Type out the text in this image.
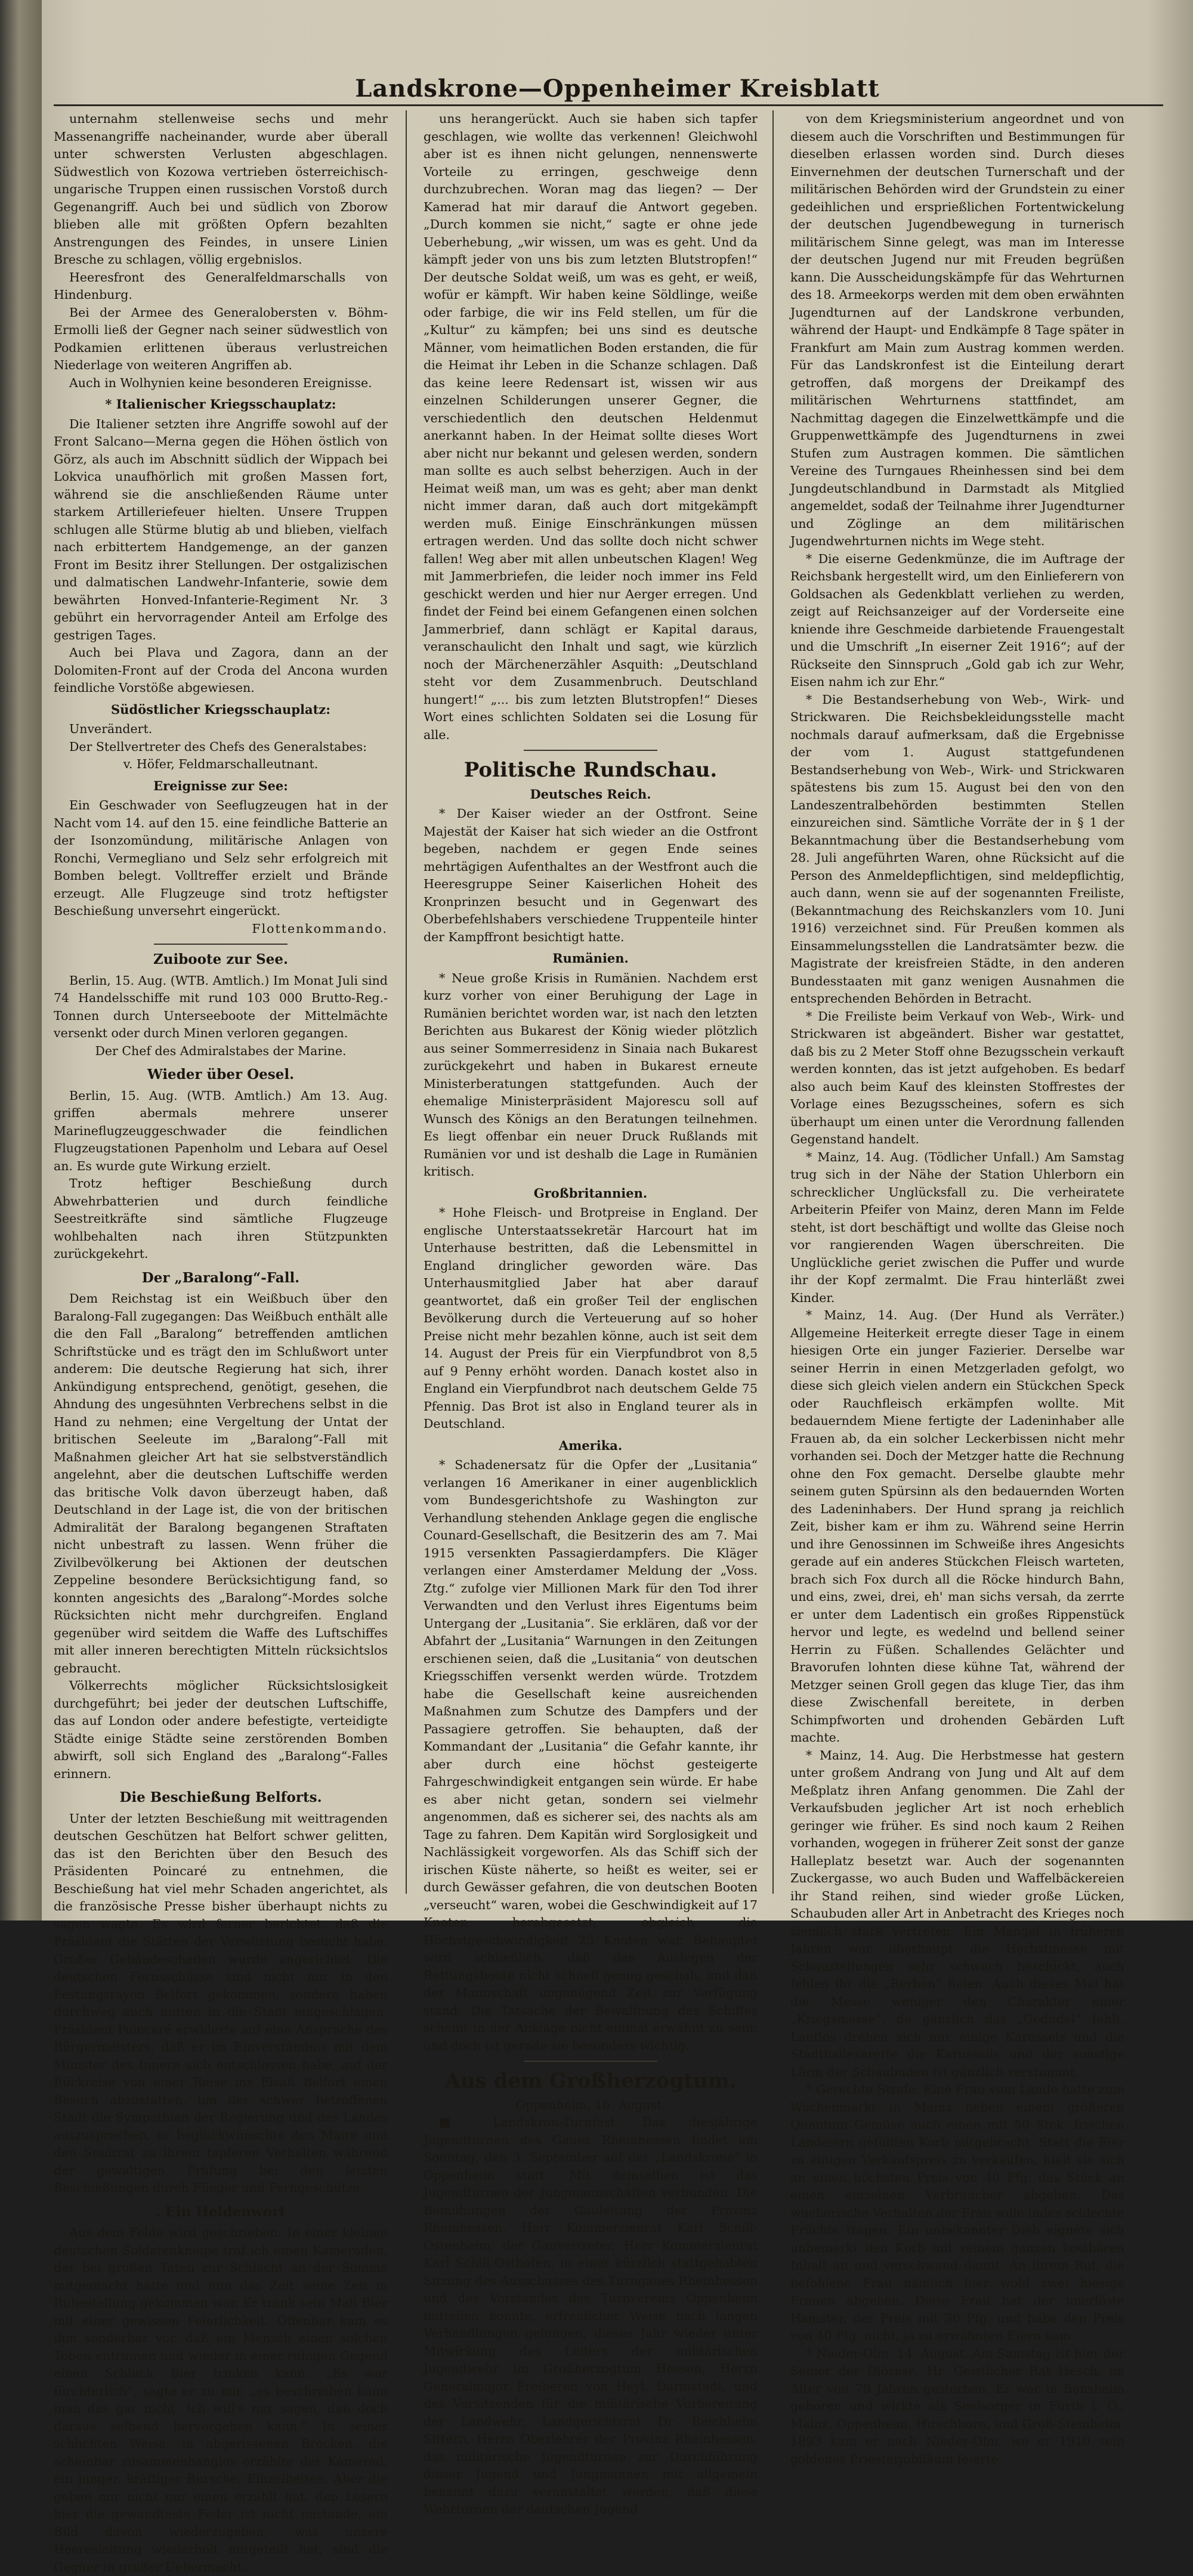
Landskrone—Oppenheimer Kreisblatt

unternahm stellenweise sechs und mehr Massenangriffe nacheinander, wurde aber überall unter schwersten Verlusten abgeschlagen. Südwestlich von Kozowa vertrieben österreichisch-ungarische Truppen einen russischen Vorstoß durch Gegenangriff. Auch bei und südlich von Zborow blieben alle mit größten Opfern bezahlten Anstrengungen des Feindes, in unsere Linien Bresche zu schlagen, völlig ergebnislos.

Heeresfront des Generalfeldmarschalls von Hindenburg.

Bei der Armee des Generalobersten v. Böhm-Ermolli ließ der Gegner nach seiner südwestlich von Podkamien erlittenen überaus verlustreichen Niederlage von weiteren Angriffen ab.

Auch in Wolhynien keine besonderen Ereignisse.

* Italienischer Kriegsschauplatz:

Die Italiener setzten ihre Angriffe sowohl auf der Front Salcano—Merna gegen die Höhen östlich von Görz, als auch im Abschnitt südlich der Wippach bei Lokvica unaufhörlich mit großen Massen fort, während sie die anschließenden Räume unter starkem Artilleriefeuer hielten. Unsere Truppen schlugen alle Stürme blutig ab und blieben, vielfach nach erbittertem Handgemenge, an der ganzen Front im Besitz ihrer Stellungen. Der ostgalizischen und dalmatischen Landwehr-Infanterie, sowie dem bewährten Honved-Infanterie-Regiment Nr. 3 gebührt ein hervorragender Anteil am Erfolge des gestrigen Tages.

Auch bei Plava und Zagora, dann an der Dolomiten-Front auf der Croda del Ancona wurden feindliche Vorstöße abgewiesen.

Südöstlicher Kriegsschauplatz:

Unverändert.

Der Stellvertreter des Chefs des Generalstabes:

v. Höfer, Feldmarschalleutnant.

Ereignisse zur See:

Ein Geschwader von Seeflugzeugen hat in der Nacht vom 14. auf den 15. eine feindliche Batterie an der Isonzomündung, militärische Anlagen von Ronchi, Vermegliano und Selz sehr erfolgreich mit Bomben belegt. Volltreffer erzielt und Brände erzeugt. Alle Flugzeuge sind trotz heftigster Beschießung unversehrt eingerückt.

Flottenkommando.

Zuiboote zur See.

Berlin, 15. Aug. (WTB. Amtlich.) Im Monat Juli sind 74 Handelsschiffe mit rund 103 000 Brutto-Reg.-Tonnen durch Unterseeboote der Mittelmächte versenkt oder durch Minen verloren gegangen.

Der Chef des Admiralstabes der Marine.

Wieder über Oesel.

Berlin, 15. Aug. (WTB. Amtlich.) Am 13. Aug. griffen abermals mehrere unserer Marineflugzeuggeschwader die feindlichen Flugzeugstationen Papenholm und Lebara auf Oesel an. Es wurde gute Wirkung erzielt.

Trotz heftiger Beschießung durch Abwehrbatterien und durch feindliche Seestreitkräfte sind sämtliche Flugzeuge wohlbehalten nach ihren Stützpunkten zurückgekehrt.

Der „Baralong“-Fall.

Dem Reichstag ist ein Weißbuch über den Baralong-Fall zugegangen: Das Weißbuch enthält alle die den Fall „Baralong“ betreffenden amtlichen Schriftstücke und es trägt den im Schlußwort unter anderem: Die deutsche Regierung hat sich, ihrer Ankündigung entsprechend, genötigt, gesehen, die Ahndung des ungesühnten Verbrechens selbst in die Hand zu nehmen; eine Vergeltung der Untat der britischen Seeleute im „Baralong“-Fall mit Maßnahmen gleicher Art hat sie selbstverständlich angelehnt, aber die deutschen Luftschiffe werden das britische Volk davon überzeugt haben, daß Deutschland in der Lage ist, die von der britischen Admiralität der Baralong begangenen Straftaten nicht unbestraft zu lassen. Wenn früher die Zivilbevölkerung bei Aktionen der deutschen Zeppeline besondere Berücksichtigung fand, so konnten angesichts des „Baralong“-Mordes solche Rücksichten nicht mehr durchgreifen. England gegenüber wird seitdem die Waffe des Luftschiffes mit aller inneren berechtigten Mitteln rücksichtslos gebraucht.

Völkerrechts möglicher Rücksichtslosigkeit durchgeführt; bei jeder der deutschen Luftschiffe, das auf London oder andere befestigte, verteidigte Städte einige Städte seine zerstörenden Bomben abwirft, soll sich England des „Baralong“-Falles erinnern.

Die Beschießung Belforts.

Unter der letzten Beschießung mit weittragenden deutschen Geschützen hat Belfort schwer gelitten, das ist den Berichten über den Besuch des Präsidenten Poincaré zu entnehmen, die Beschießung hat viel mehr Schaden angerichtet, als die französische Presse bisher überhaupt nichts zu sagen wagte. Es wird ferner berichtet, daß die Präsident die Stätten der Verwüstung besucht habe. Großer Gebäudeschaden wurde angerichtet. Die deutschen Fernsschüsse sind nicht nur in den Festungsrayon Belfort gekommen, sondern haben durchweg auch mitten in die Stadt eingeschlagen. Präsident Poincaré erwiderte auf eine Ansprache des Bürgermeisters, daß er im Einverständnis mit dem Minister des Innern sich entschlossen habe, auf der Rückreise von einer Reise ins Elsaß Belfort einen Besuch abzustatten, um der schwer betroffenen Stadt die Sympathien der Regierung und des Landes auszusprechen, er beglückwünschte den Maire und den Stadtrat zu ihrem tapferen Verhalten während der gewaltigen Prüfung bei den letzten Beschießungen durch Flieger und Ferngeschütze.

. Ein Heldenwort

Aus dem Felde wird geschrieben: In einer kleinen deutschen Soldatenkneipe traf ich einen Kameraden, der bei großen Taten zur Schlacht an der Somme mitgemacht hatte und nun das Zeit seine Zeit in Ruhestellung gekommen war. Er trank sein Maß Bier mit einer gewissen Feierlichkeit. Offenbar kam es ihm sonderbar vor, daß ein Mensch einen solchen Toben entrinnen und wieder in einer ruhigen Gegend einen Schluck Bier trinken kann. „Es war fürchterlich“, sagte er zu mir, „es beschreiben kann man das gar nicht. Ich will's nur sagen, daß doch daraus selbend hervorgehen kann.“ In seiner schlichten Weise, in abgerissenen Brocken, die scheinbar zusammenhanglos erzählte der Kamerad, ein junger, kräftiger Bursche, Einzelheiten. Aber die geben mir nicht nur einen erzählt hat, den Lesern hier die gewandteste Feder ist nicht imstande, ein Bild davon wiederzugeben, was unsere Heeresleitung wiederholt mitgeteilt hat, sind die Gegner in großer Uebermacht.

uns herangerückt. Auch sie haben sich tapfer geschlagen, wie wollte das verkennen! Gleichwohl aber ist es ihnen nicht gelungen, nennenswerte Vorteile zu erringen, geschweige denn durchzubrechen. Woran mag das liegen? — Der Kamerad hat mir darauf die Antwort gegeben. „Durch kommen sie nicht,“ sagte er ohne jede Ueberhebung, „wir wissen, um was es geht. Und da kämpft jeder von uns bis zum letzten Blutstropfen!“ Der deutsche Soldat weiß, um was es geht, er weiß, wofür er kämpft. Wir haben keine Söldlinge, weiße oder farbige, die wir ins Feld stellen, um für die „Kultur“ zu kämpfen; bei uns sind es deutsche Männer, vom heimatlichen Boden erstanden, die für die Heimat ihr Leben in die Schanze schlagen. Daß das keine leere Redensart ist, wissen wir aus einzelnen Schilderungen unserer Gegner, die verschiedentlich den deutschen Heldenmut anerkannt haben. In der Heimat sollte dieses Wort aber nicht nur bekannt und gelesen werden, sondern man sollte es auch selbst beherzigen. Auch in der Heimat weiß man, um was es geht; aber man denkt nicht immer daran, daß auch dort mitgekämpft werden muß. Einige Einschränkungen müssen ertragen werden. Und das sollte doch nicht schwer fallen! Weg aber mit allen unbeutschen Klagen! Weg mit Jammerbriefen, die leider noch immer ins Feld geschickt werden und hier nur Aerger erregen. Und findet der Feind bei einem Gefangenen einen solchen Jammerbrief, dann schlägt er Kapital daraus, veranschaulicht den Inhalt und sagt, wie kürzlich noch der Märchenerzähler Asquith: „Deutschland steht vor dem Zusammenbruch. Deutschland hungert!“ „... bis zum letzten Blutstropfen!“ Dieses Wort eines schlichten Soldaten sei die Losung für alle.

Politische Rundschau.
Deutsches Reich.

* Der Kaiser wieder an der Ostfront. Seine Majestät der Kaiser hat sich wieder an die Ostfront begeben, nachdem er gegen Ende seines mehrtägigen Aufenthaltes an der Westfront auch die Heeresgruppe Seiner Kaiserlichen Hoheit des Kronprinzen besucht und in Gegenwart des Oberbefehlshabers verschiedene Truppenteile hinter der Kampffront besichtigt hatte.

Rumänien.

* Neue große Krisis in Rumänien. Nachdem erst kurz vorher von einer Beruhigung der Lage in Rumänien berichtet worden war, ist nach den letzten Berichten aus Bukarest der König wieder plötzlich aus seiner Sommerresidenz in Sinaia nach Bukarest zurückgekehrt und haben in Bukarest erneute Ministerberatungen stattgefunden. Auch der ehemalige Ministerpräsident Majorescu soll auf Wunsch des Königs an den Beratungen teilnehmen. Es liegt offenbar ein neuer Druck Rußlands mit Rumänien vor und ist deshalb die Lage in Rumänien kritisch.

Großbritannien.

* Hohe Fleisch- und Brotpreise in England. Der englische Unterstaatssekretär Harcourt hat im Unterhause bestritten, daß die Lebensmittel in England dringlicher geworden wäre. Das Unterhausmitglied Jaber hat aber darauf geantwortet, daß ein großer Teil der englischen Bevölkerung durch die Verteuerung auf so hoher Preise nicht mehr bezahlen könne, auch ist seit dem 14. August der Preis für ein Vierpfundbrot von 8,5 auf 9 Penny erhöht worden. Danach kostet also in England ein Vierpfundbrot nach deutschem Gelde 75 Pfennig. Das Brot ist also in England teurer als in Deutschland.

Amerika.

* Schadenersatz für die Opfer der „Lusitania“ verlangen 16 Amerikaner in einer augenblicklich vom Bundesgerichtshofe zu Washington zur Verhandlung stehenden Anklage gegen die englische Counard-Gesellschaft, die Besitzerin des am 7. Mai 1915 versenkten Passagierdampfers. Die Kläger verlangen einer Amsterdamer Meldung der „Voss. Ztg.“ zufolge vier Millionen Mark für den Tod ihrer Verwandten und den Verlust ihres Eigentums beim Untergang der „Lusitania“. Sie erklären, daß vor der Abfahrt der „Lusitania“ Warnungen in den Zeitungen erschienen seien, daß die „Lusitania“ von deutschen Kriegsschiffen versenkt werden würde. Trotzdem habe die Gesellschaft keine ausreichenden Maßnahmen zum Schutze des Dampfers und der Passagiere getroffen. Sie behaupten, daß der Kommandant der „Lusitania“ die Gefahr kannte, ihr aber durch eine höchst gesteigerte Fahrgeschwindigkeit entgangen sein würde. Er habe es aber nicht getan, sondern sei vielmehr angenommen, daß es sicherer sei, des nachts als am Tage zu fahren. Dem Kapitän wird Sorglosigkeit und Nachlässigkeit vorgeworfen. Als das Schiff sich der irischen Küste näherte, so heißt es weiter, sei er durch Gewässer gefahren, die von deutschen Booten „verseucht“ waren, wobei die Geschwindigkeit auf 17 Knoten herabgesetzt, obgleich die Höchstgeschwindigkeit 25 Knoten war. Behauptet wird schließlich, daß das Auslegen der Rettungsboote nicht schnell genug geschah, und daß der Mannschaft ungenügend Zeit zur Verfügung stand. Die Tatsache der Bewaffnung des Schiffes scheint in der Anklage nicht einmal erwähnt zu sein; und doch ist gerade sie besonders wichtig.

Aus dem Großherzogtum.

Oppenheim, 16. August.

■ Landskron-Turnfest. Das diesjährige Jugendturnen des Gaues Rheinhessen findet am Sonntag, den 3. September auf der „Landskrone“ in Oppenheim statt. Mit demselben ist das Jugendturnen der Jungmannschaften verbunden. Die Bemühungen der Gauleitung der Provinz Rheinhessen. Herr Kommerzienrat Karl Schill-Ostenheim, der Gauvertreter, Herr Kommerzienrat Karl Schill-Osthofen, in einer kürzlich stattgehabten Sitzung des Ausschusses des Turngaues Rheinhessen und des Vorstandes des Turnvereins Oppenheim mitteilen konnte, erfreulicher Weise nach langen Verhandlungen gelungen, dieses Jahr wieder unter Mitwirkung des Leiters der militärischen Jugendwehr im Großherzogtum Hessen, Herrn Generalmajor Freiheren von Heyl, Darmstadt, und des Vorsitzenden für die militärische Vorbereitung der Landwehr, Landgerichtsrat Dr. Reichhelm Sittern, Herrn Oberlehrer der Provinz Rheinhessen, das militärische Jugendturnen zur Durchführung dieser Jugend und Jungmannen mit allgemein bekannt dazu veranstaltet werden, daß diese Wehrturnen der deutschen Jugend

von dem Kriegsministerium angeordnet und von diesem auch die Vorschriften und Bestimmungen für dieselben erlassen worden sind. Durch dieses Einvernehmen der deutschen Turnerschaft und der militärischen Behörden wird der Grundstein zu einer gedeihlichen und ersprießlichen Fortentwickelung der deutschen Jugendbewegung in turnerisch militärischem Sinne gelegt, was man im Interesse der deutschen Jugend nur mit Freuden begrüßen kann. Die Ausscheidungskämpfe für das Wehrturnen des 18. Armeekorps werden mit dem oben erwähnten Jugendturnen auf der Landskrone verbunden, während der Haupt- und Endkämpfe 8 Tage später in Frankfurt am Main zum Austrag kommen werden. Für das Landskronfest ist die Einteilung derart getroffen, daß morgens der Dreikampf des militärischen Wehrturnens stattfindet, am Nachmittag dagegen die Einzelwettkämpfe und die Gruppenwettkämpfe des Jugendturnens in zwei Stufen zum Austragen kommen. Die sämtlichen Vereine des Turngaues Rheinhessen sind bei dem Jungdeutschlandbund in Darmstadt als Mitglied angemeldet, sodaß der Teilnahme ihrer Jugendturner und Zöglinge an dem militärischen Jugendwehrturnen nichts im Wege steht.

* Die eiserne Gedenkmünze, die im Auftrage der Reichsbank hergestellt wird, um den Einlieferern von Goldsachen als Gedenkblatt verliehen zu werden, zeigt auf Reichsanzeiger auf der Vorderseite eine kniende ihre Geschmeide darbietende Frauengestalt und die Umschrift „In eiserner Zeit 1916“; auf der Rückseite den Sinnspruch „Gold gab ich zur Wehr, Eisen nahm ich zur Ehr.“

* Die Bestandserhebung von Web-, Wirk- und Strickwaren. Die Reichsbekleidungsstelle macht nochmals darauf aufmerksam, daß die Ergebnisse der vom 1. August stattgefundenen Bestandserhebung von Web-, Wirk- und Strickwaren spätestens bis zum 15. August bei den von den Landeszentralbehörden bestimmten Stellen einzureichen sind. Sämtliche Vorräte der in § 1 der Bekanntmachung über die Bestandserhebung vom 28. Juli angeführten Waren, ohne Rücksicht auf die Person des Anmeldepflichtigen, sind meldepflichtig, auch dann, wenn sie auf der sogenannten Freiliste, (Bekanntmachung des Reichskanzlers vom 10. Juni 1916) verzeichnet sind. Für Preußen kommen als Einsammelungsstellen die Landratsämter bezw. die Magistrate der kreisfreien Städte, in den anderen Bundesstaaten mit ganz wenigen Ausnahmen die entsprechenden Behörden in Betracht.

* Die Freiliste beim Verkauf von Web-, Wirk- und Strickwaren ist abgeändert. Bisher war gestattet, daß bis zu 2 Meter Stoff ohne Bezugsschein verkauft werden konnten, das ist jetzt aufgehoben. Es bedarf also auch beim Kauf des kleinsten Stoffrestes der Vorlage eines Bezugsscheines, sofern es sich überhaupt um einen unter die Verordnung fallenden Gegenstand handelt.

* Mainz, 14. Aug. (Tödlicher Unfall.) Am Samstag trug sich in der Nähe der Station Uhlerborn ein schrecklicher Unglücksfall zu. Die verheiratete Arbeiterin Pfeifer von Mainz, deren Mann im Felde steht, ist dort beschäftigt und wollte das Gleise noch vor rangierenden Wagen überschreiten. Die Unglückliche geriet zwischen die Puffer und wurde ihr der Kopf zermalmt. Die Frau hinterläßt zwei Kinder.

* Mainz, 14. Aug. (Der Hund als Verräter.) Allgemeine Heiterkeit erregte dieser Tage in einem hiesigen Orte ein junger Fazierier. Derselbe war seiner Herrin in einen Metzgerladen gefolgt, wo diese sich gleich vielen andern ein Stückchen Speck oder Rauchfleisch erkämpfen wollte. Mit bedauerndem Miene fertigte der Ladeninhaber alle Frauen ab, da ein solcher Leckerbissen nicht mehr vorhanden sei. Doch der Metzger hatte die Rechnung ohne den Fox gemacht. Derselbe glaubte mehr seinem guten Spürsinn als den bedauernden Worten des Ladeninhabers. Der Hund sprang ja reichlich Zeit, bisher kam er ihm zu. Während seine Herrin und ihre Genossinnen im Schweiße ihres Angesichts gerade auf ein anderes Stückchen Fleisch warteten, brach sich Fox durch all die Röcke hindurch Bahn, und eins, zwei, drei, eh' man sichs versah, da zerrte er unter dem Ladentisch ein großes Rippenstück hervor und legte, es wedelnd und bellend seiner Herrin zu Füßen. Schallendes Gelächter und Bravorufen lohnten diese kühne Tat, während der Metzger seinen Groll gegen das kluge Tier, das ihm diese Zwischenfall bereitete, in derben Schimpfworten und drohenden Gebärden Luft machte.

* Mainz, 14. Aug. Die Herbstmesse hat gestern unter großem Andrang von Jung und Alt auf dem Meßplatz ihren Anfang genommen. Die Zahl der Verkaufsbuden jeglicher Art ist noch erheblich geringer wie früher. Es sind noch kaum 2 Reihen vorhanden, wogegen in früherer Zeit sonst der ganze Halleplatz besetzt war. Auch der sogenannten Zuckergasse, wo auch Buden und Waffelbäckereien ihr Stand reihen, sind wieder große Lücken, Schaubuden aller Art in Anbetracht des Krieges noch ziemlich stark vertreten. Ein Mangel in früheren Jahren war überhaupt die Herbstmesse mit Schaustellungen sehr schwach beschickt, auch fehlen ihr die „Rerben“ fielen. Auch dieses Mal hat die Messe weniger den Charakter einer „Kriegsmesse“, da gänzlich das „Gedudel“ fehlt. Lautlos drehen sich nur einige Karussels und die Stadthallezarette die Karussells und der sonstige Lärm der Schaubuden ist gänzlich verstummt.

* Gerechte Strafe. Eine Frau vom Lande hatte zum Wochenmarkt in Mainz neben einem größeren Quantum Gemüse auch einen mit 50 Stck. frischen Landeiern gefüllten Korb mitgebracht. Statt die Eier zu einigen Verkaufspreis zu verkaufen, hielt sie sich an einen höchsten Preis von 40 Pfg. das Stück an einen einzelnen Verbraucher abgeben. Das wucherische Verhalten der Frau solle indes schlechte Früchte tragen. Ein unbekannter Dieb eignete sich unbemerkt den Korb mit seinem ganzen kostbaren Inhalt an und verschwand damit. An ihrem Ruf, die befohlene Frau nämlich hier wohl zwei hiesige Frauen abgeben. Diese Frau hat der unerlöste Hamster, der Preis mit 30 Pfg. und habe den Preis von 40 Pfg. nicht, ja zu erwähnten Eiern kam.

* Nieder-Olm, 14. August. Am Samstag ist hier der Senior der Diözese, Hr. Geistlicher Rat Hesch, im Alter von 79 Jahren gestorben. Er war in Bensheim geboren und wirkte als Seelsorger in Fürth i. O., Mainz, Oppenheim, Hirschhorn, und Groß-Steinheim. 1893 kam er nach Nieder-Olm, wo er 1910 sein goldenes Priesterjubiläum feierte.
